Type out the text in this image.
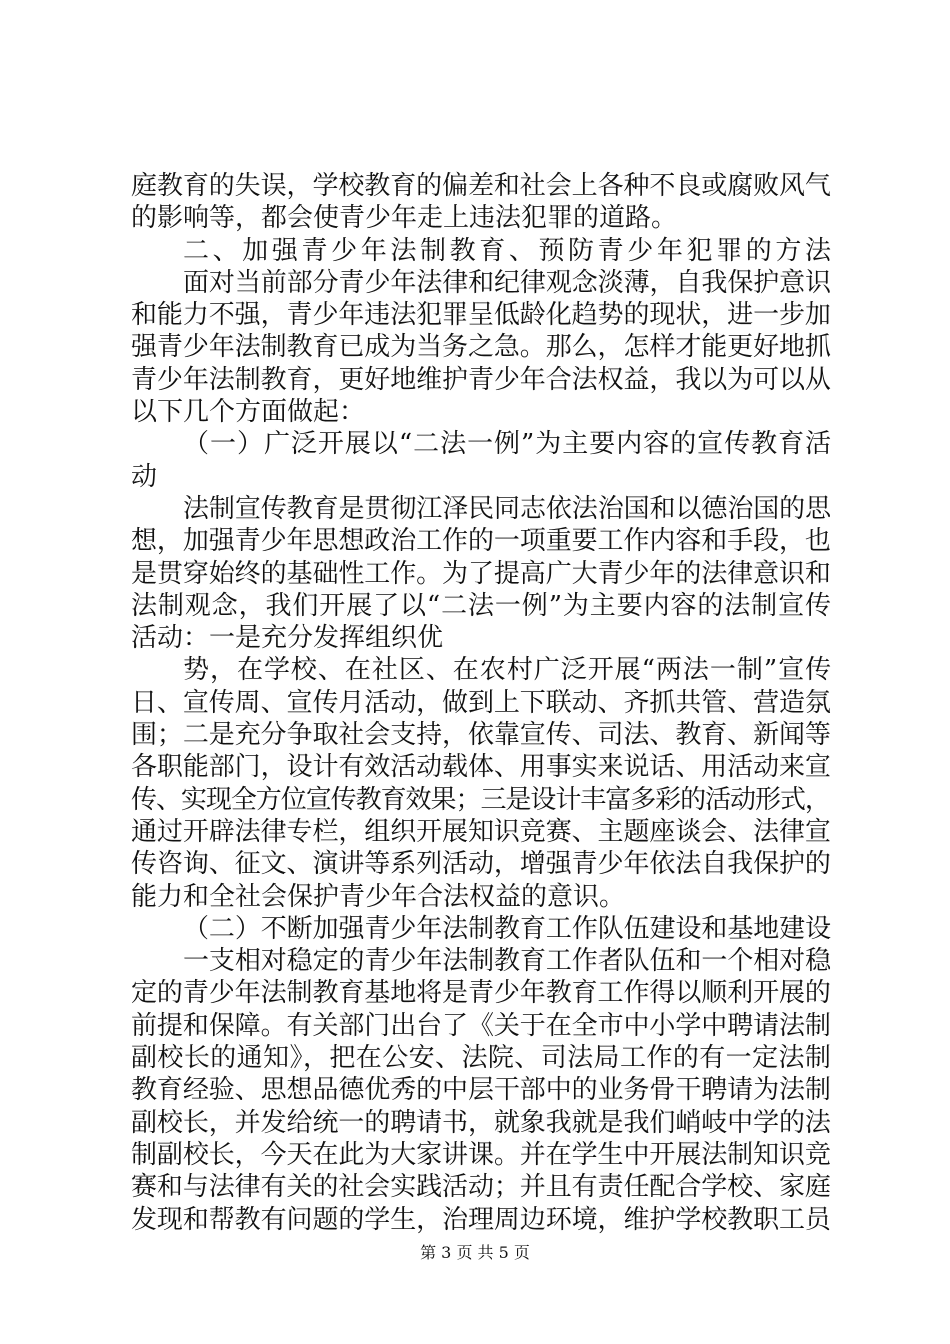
庭教育的失误，学校教育的偏差和社会上各种不良或腐败风气
的影响等，都会使青少年走上违法犯罪的道路。
二、加强青少年法制教育、预防青少年犯罪的方法
面对当前部分青少年法律和纪律观念淡薄，自我保护意识
和能力不强，青少年违法犯罪呈低龄化趋势的现状，进一步加
强青少年法制教育已成为当务之急。那么，怎样才能更好地抓
青少年法制教育，更好地维护青少年合法权益，我以为可以从
以下几个方面做起：
（一）广泛开展以“二法一例”为主要内容的宣传教育活
动
法制宣传教育是贯彻江泽民同志依法治国和以德治国的思
想，加强青少年思想政治工作的一项重要工作内容和手段，也
是贯穿始终的基础性工作。为了提高广大青少年的法律意识和
法制观念，我们开展了以“二法一例”为主要内容的法制宣传
活动：一是充分发挥组织优
势，在学校、在社区、在农村广泛开展“两法一制”宣传
日、宣传周、宣传月活动，做到上下联动、齐抓共管、营造氛
围；二是充分争取社会支持，依靠宣传、司法、教育、新闻等
各职能部门，设计有效活动载体、用事实来说话、用活动来宣
传、实现全方位宣传教育效果；三是设计丰富多彩的活动形式，
通过开辟法律专栏，组织开展知识竞赛、主题座谈会、法律宣
传咨询、征文、演讲等系列活动，增强青少年依法自我保护的
能力和全社会保护青少年合法权益的意识。
（二）不断加强青少年法制教育工作队伍建设和基地建设
一支相对稳定的青少年法制教育工作者队伍和一个相对稳
定的青少年法制教育基地将是青少年教育工作得以顺利开展的
前提和保障。有关部门出台了《关于在全市中小学中聘请法制
副校长的通知》，把在公安、法院、司法局工作的有一定法制
教育经验、思想品德优秀的中层干部中的业务骨干聘请为法制
副校长，并发给统一的聘请书，就象我就是我们峭岐中学的法
制副校长，今天在此为大家讲课。并在学生中开展法制知识竞
赛和与法律有关的社会实践活动；并且有责任配合学校、家庭
发现和帮教有问题的学生，治理周边环境，维护学校教职工员
第 3 页 共 5 页
